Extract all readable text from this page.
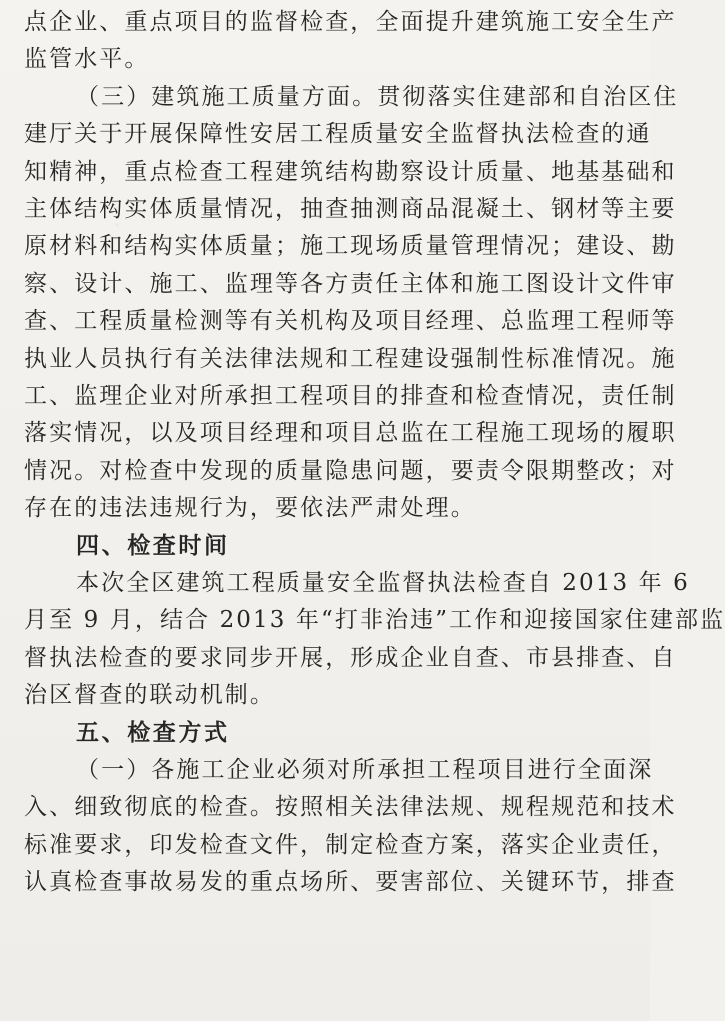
点企业、重点项目的监督检查，全面提升建筑施工安全生产
监管水平。
（三）建筑施工质量方面。贯彻落实住建部和自治区住
建厅关于开展保障性安居工程质量安全监督执法检查的通
知精神，重点检查工程建筑结构勘察设计质量、地基基础和
主体结构实体质量情况，抽查抽测商品混凝土、钢材等主要
原材料和结构实体质量；施工现场质量管理情况；建设、勘
察、设计、施工、监理等各方责任主体和施工图设计文件审
查、工程质量检测等有关机构及项目经理、总监理工程师等
执业人员执行有关法律法规和工程建设强制性标准情况。施
工、监理企业对所承担工程项目的排查和检查情况，责任制
落实情况，以及项目经理和项目总监在工程施工现场的履职
情况。对检查中发现的质量隐患问题，要责令限期整改；对
存在的违法违规行为，要依法严肃处理。
四、检查时间
本次全区建筑工程质量安全监督执法检查自 2013 年 6
月至 9 月，结合 2013 年“打非治违”工作和迎接国家住建部监
督执法检查的要求同步开展，形成企业自查、市县排查、自
治区督查的联动机制。
五、检查方式
（一）各施工企业必须对所承担工程项目进行全面深
入、细致彻底的检查。按照相关法律法规、规程规范和技术
标准要求，印发检查文件，制定检查方案，落实企业责任，
认真检查事故易发的重点场所、要害部位、关键环节，排查
